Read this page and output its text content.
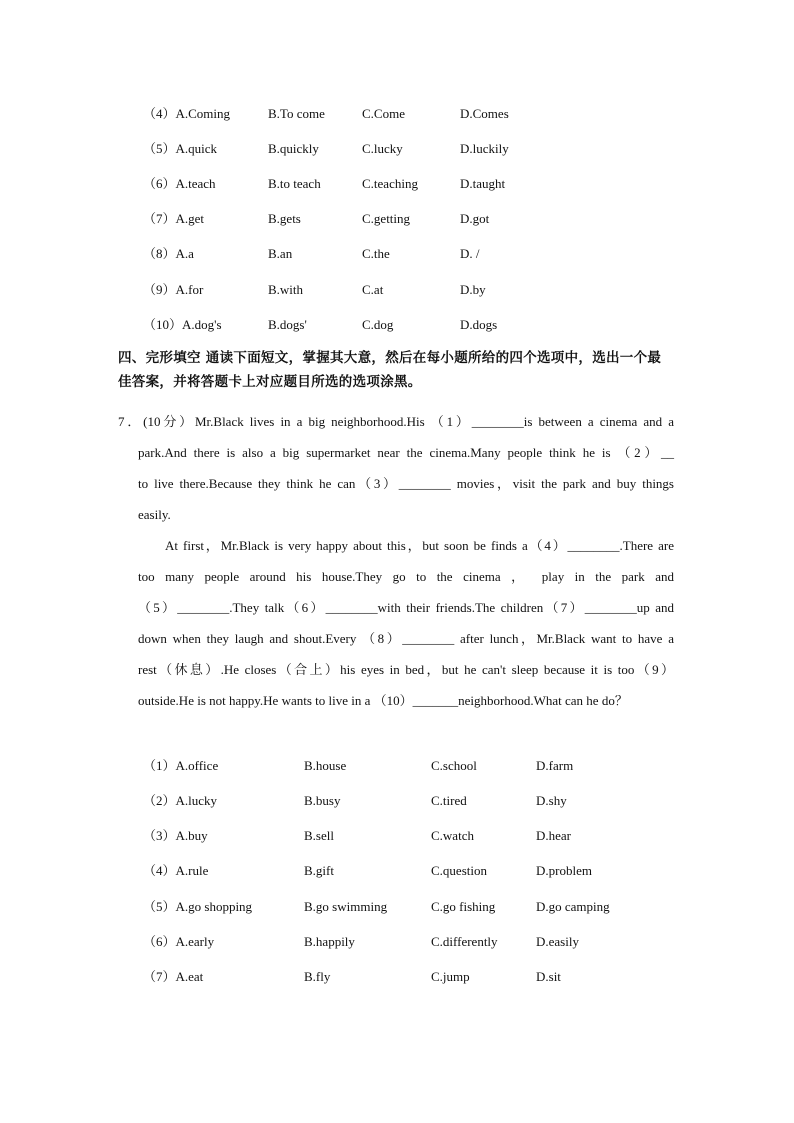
（4）A.Coming	B.To come	C.Come	D.Comes
（5）A.quick	B.quickly	C.lucky	D.luckily
（6）A.teach	B.to teach	C.teaching	D.taught
（7）A.get	B.gets	C.getting	D.got
（8）A.a	B.an	C.the	D. /
（9）A.for	B.with	C.at	D.by
（10）A.dog's	B.dogs'	C.dog	D.dogs
四、完形填空 通读下面短文，掌握其大意，然后在每小题所给的四个选项中，选出一个最
佳答案，并将答题卡上对应题目所选的选项涂黑。
7．(10分）Mr.Black lives in a big neighborhood.His （1）________is between a cinema and a
park.And there is also a big supermarket near the cinema.Many people think he is （2）__
to live there.Because they think he can（3）________ movies，visit the park and buy things
easily.
At first，Mr.Black is very happy about this，but soon be finds a（4）________.There are
too many people around his house.They go to the cinema ， play in the park and
（5）________.They talk（6）________with their friends.The children（7）________up and
down when they laugh and shout.Every （8）________ after lunch，Mr.Black want to have a
rest（休息）.He closes（合上）his eyes in bed，but he can't sleep because it is too（9）
outside.He is not happy.He wants to live in a （10）_______neighborhood.What can he do？
（1）A.office	B.house	C.school	D.farm
（2）A.lucky	B.busy	C.tired	D.shy
（3）A.buy	B.sell	C.watch	D.hear
（4）A.rule	B.gift	C.question	D.problem
（5）A.go shopping	B.go swimming	C.go fishing	D.go camping
（6）A.early	B.happily	C.differently	D.easily
（7）A.eat	B.fly	C.jump	D.sit
